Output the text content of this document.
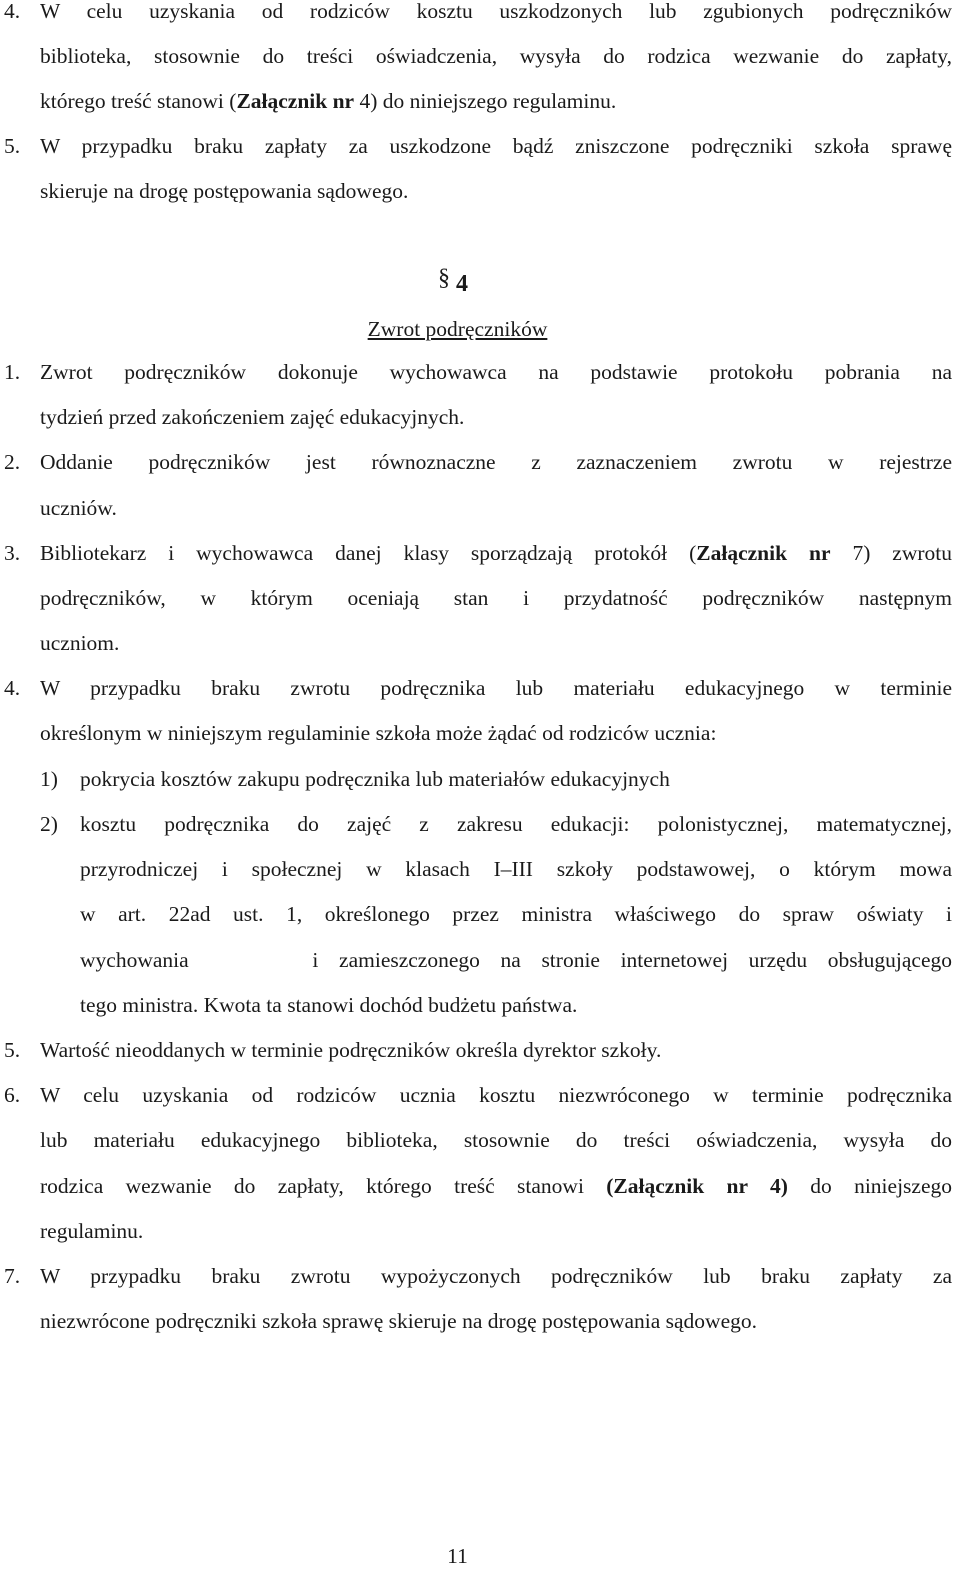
4. W celu uzyskania od rodziców kosztu uszkodzonych lub zgubionych podręczników
biblioteka, stosownie do treści oświadczenia, wysyła do rodzica wezwanie do zapłaty,
którego treść stanowi (Załącznik nr 4) do niniejszego regulaminu.
5. W przypadku braku zapłaty za uszkodzone bądź zniszczone podręczniki szkoła sprawę
skieruje na drogę postępowania sądowego.
§ 4
Zwrot podręczników
1. Zwrot podręczników dokonuje wychowawca na podstawie protokołu pobrania na
tydzień przed zakończeniem zajęć edukacyjnych.
2. Oddanie podręczników jest równoznaczne z zaznaczeniem zwrotu w rejestrze
uczniów.
3. Bibliotekarz i wychowawca danej klasy sporządzają protokół (Załącznik nr 7) zwrotu
podręczników, w którym oceniają stan i przydatność podręczników następnym
uczniom.
4. W przypadku braku zwrotu podręcznika lub materiału edukacyjnego w terminie
określonym w niniejszym regulaminie szkoła może żądać od rodziców ucznia:
1) pokrycia kosztów zakupu podręcznika lub materiałów edukacyjnych
2) kosztu podręcznika do zajęć z zakresu edukacji: polonistycznej, matematycznej,
przyrodniczej i społecznej w klasach I–III szkoły podstawowej, o którym mowa
w art. 22ad ust. 1, określonego przez ministra właściwego do spraw oświaty i
wychowania      i zamieszczonego na stronie internetowej urzędu obsługującego
tego ministra. Kwota ta stanowi dochód budżetu państwa.
5. Wartość nieoddanych w terminie podręczników określa dyrektor szkoły.
6. W celu uzyskania od rodziców ucznia kosztu niezwróconego w terminie podręcznika
lub materiału edukacyjnego biblioteka, stosownie do treści oświadczenia, wysyła do
rodzica wezwanie do zapłaty, którego treść stanowi (Załącznik nr 4) do niniejszego
regulaminu.
7. W przypadku braku zwrotu wypożyczonych podręczników lub braku zapłaty za
niezwrócone podręczniki szkoła sprawę skieruje na drogę postępowania sądowego.
11
